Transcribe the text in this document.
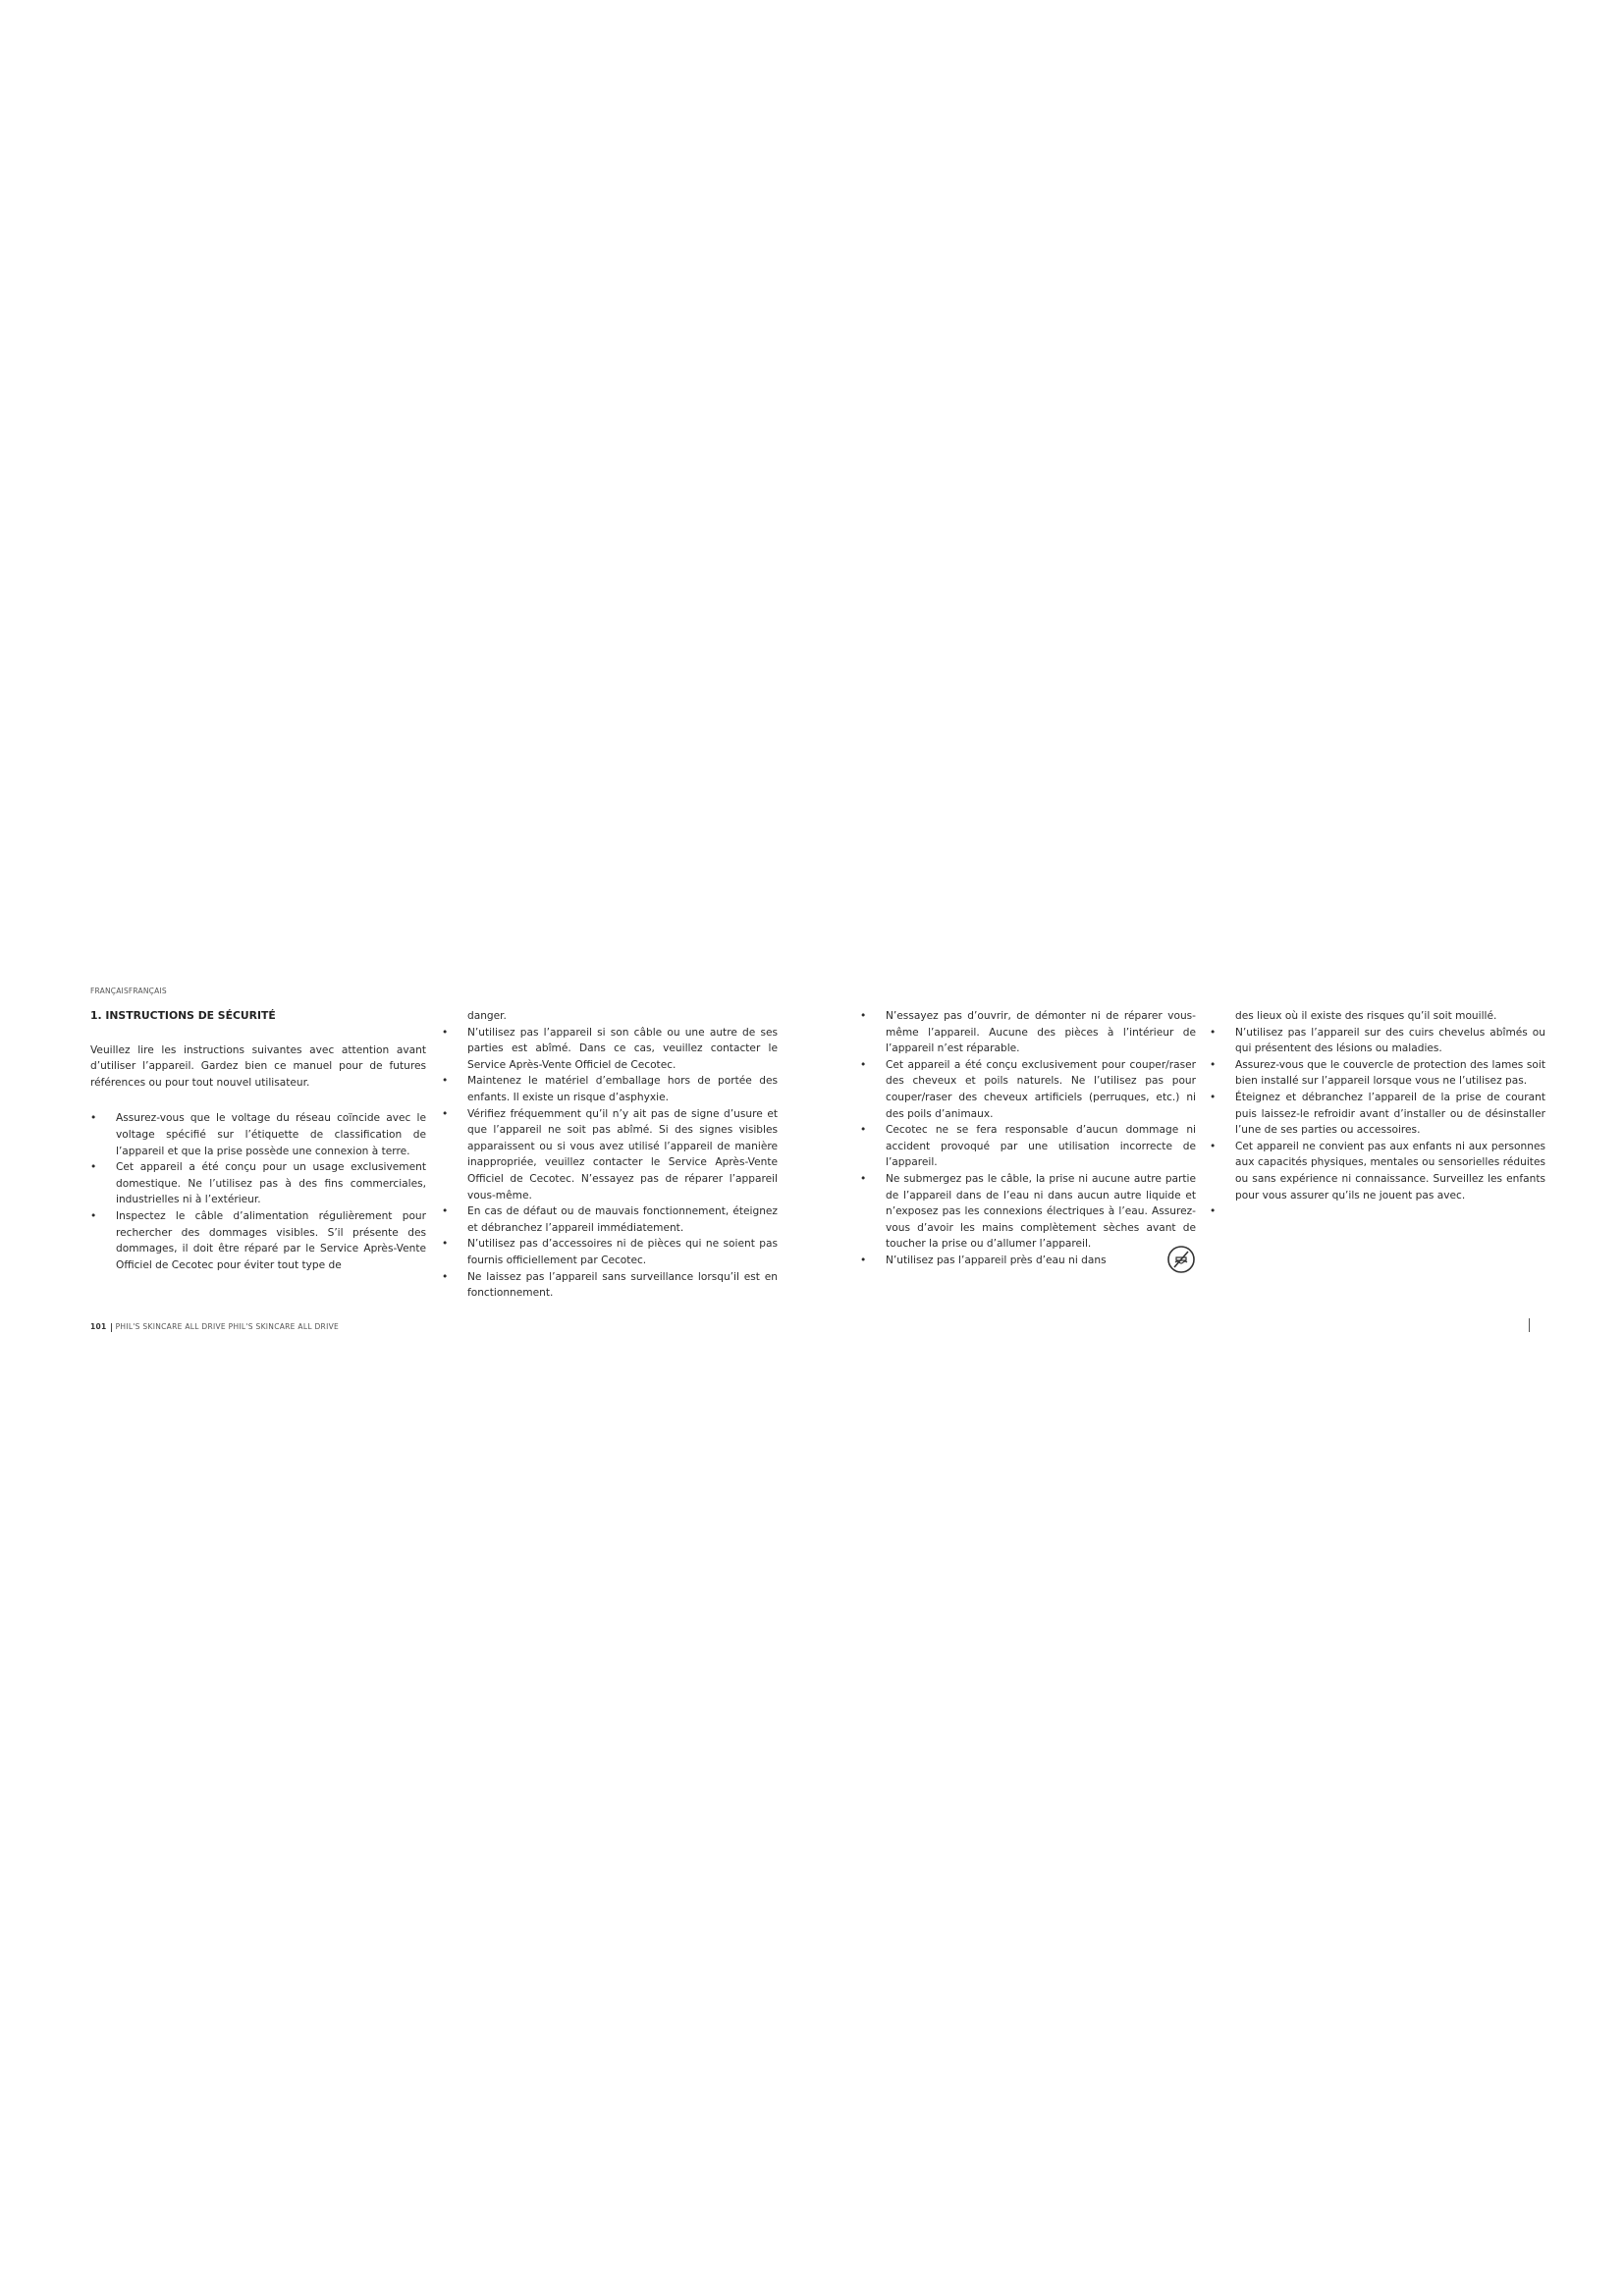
FRANÇAISFRANÇAIS
1. INSTRUCTIONS DE SÉCURITÉ
Veuillez lire les instructions suivantes avec attention avant d’utiliser l’appareil. Gardez bien ce manuel pour de futures références ou pour tout nouvel utilisateur.
• Assurez-vous que le voltage du réseau coïncide avec le voltage spécifié sur l’étiquette de classification de l’appareil et que la prise possède une connexion à terre.
• Cet appareil a été conçu pour un usage exclusivement domestique. Ne l’utilisez pas à des fins commerciales, industrielles ni à l’extérieur.
• Inspectez le câble d’alimentation régulièrement pour rechercher des dommages visibles. S’il présente des dommages, il doit être réparé par le Service Après-Vente Officiel de Cecotec pour éviter tout type de
danger.
• N’utilisez pas l’appareil si son câble ou une autre de ses parties est abîmé. Dans ce cas, veuillez contacter le Service Après-Vente Officiel de Cecotec.
• Maintenez le matériel d’emballage hors de portée des enfants. Il existe un risque d’asphyxie.
• Vérifiez fréquemment qu’il n’y ait pas de signe d’usure et que l’appareil ne soit pas abîmé. Si des signes visibles apparaissent ou si vous avez utilisé l’appareil de manière inappropriée, veuillez contacter le Service Après-Vente Officiel de Cecotec. N’essayez pas de réparer l’appareil vous-même.
• En cas de défaut ou de mauvais fonctionnement, éteignez et débranchez l’appareil immédiatement.
• N’utilisez pas d’accessoires ni de pièces qui ne soient pas fournis officiellement par Cecotec.
• Ne laissez pas l’appareil sans surveillance lorsqu’il est en fonctionnement.
• N’essayez pas d’ouvrir, de démonter ni de réparer vous-même l’appareil. Aucune des pièces à l’intérieur de l’appareil n’est réparable.
• Cet appareil a été conçu exclusivement pour couper/raser des cheveux et poils naturels. Ne l’utilisez pas pour couper/raser des cheveux artificiels (perruques, etc.) ni des poils d’animaux.
• Cecotec ne se fera responsable d’aucun dommage ni accident provoqué par une utilisation incorrecte de l’appareil.
• Ne submergez pas le câble, la prise ni aucune autre partie de l’appareil dans de l’eau ni dans aucun autre liquide et n’exposez pas les connexions électriques à l’eau. Assurez-vous d’avoir les mains complètement sèches avant de toucher la prise ou d’allumer l’appareil.
• N’utilisez pas l’appareil près d’eau ni dans
des lieux où il existe des risques qu’il soit mouillé.
• N’utilisez pas l’appareil sur des cuirs chevelus abîmés ou qui présentent des lésions ou maladies.
• Assurez-vous que le couvercle de protection des lames soit bien installé sur l’appareil lorsque vous ne l’utilisez pas.
• Éteignez et débranchez l’appareil de la prise de courant puis laissez-le refroidir avant d’installer ou de désinstaller l’une de ses parties ou accessoires.
• Cet appareil ne convient pas aux enfants ni aux personnes aux capacités physiques, mentales ou sensorielles réduites ou sans expérience ni connaissance. Surveillez les enfants pour vous assurer qu’ils ne jouent pas avec.
101 PHIL'S SKINCARE ALL DRIVE PHIL'S SKINCARE ALL DRIVE
